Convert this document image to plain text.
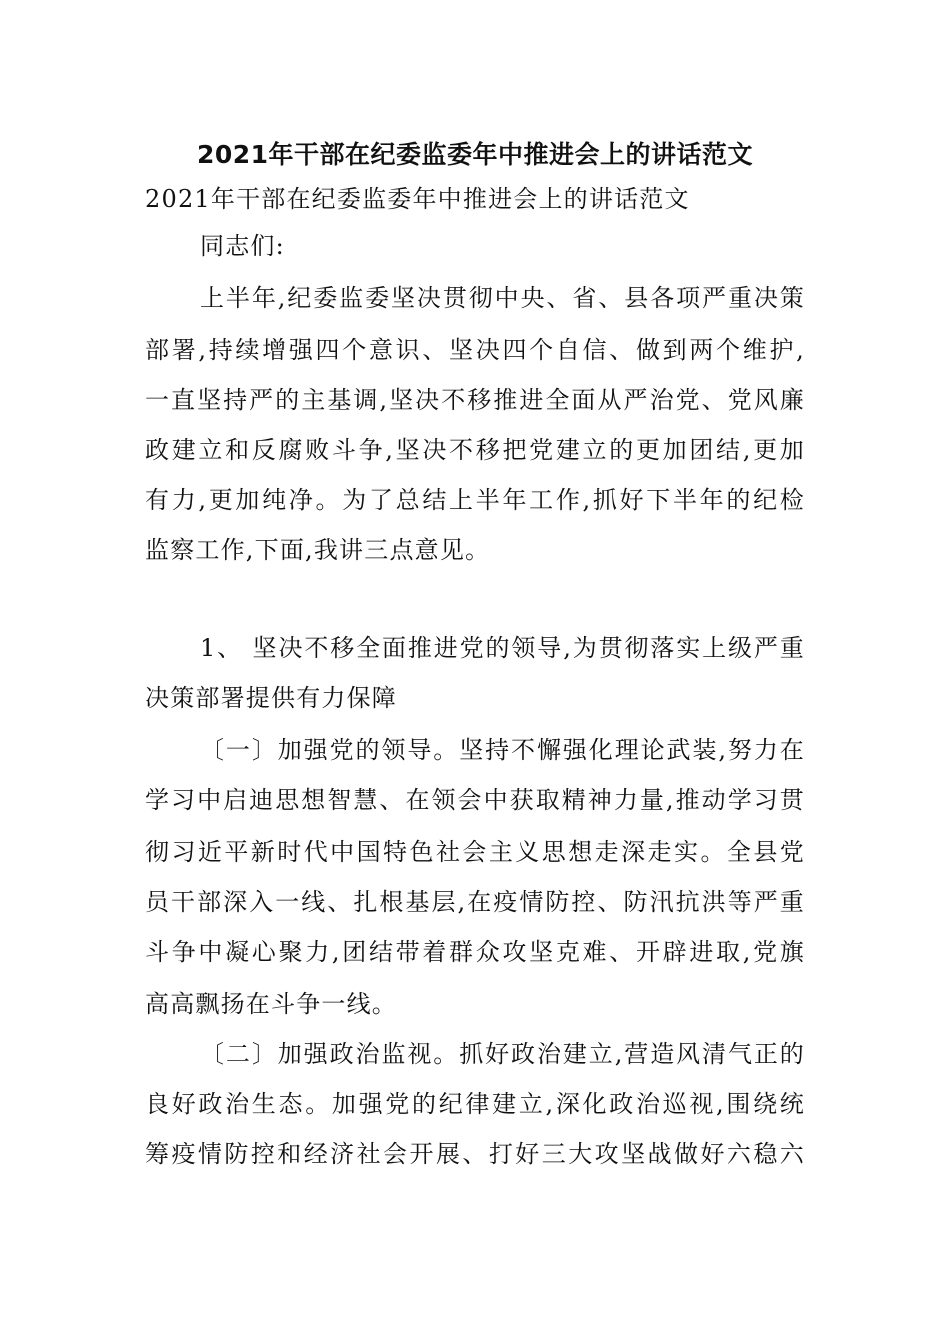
2021年干部在纪委监委年中推进会上的讲话范文
2021年干部在纪委监委年中推进会上的讲话范文
同志们:
上半年,纪委监委坚决贯彻中央、省、县各项严重决策
部署,持续增强四个意识、坚决四个自信、做到两个维护,
一直坚持严的主基调,坚决不移推进全面从严治党、党风廉
政建立和反腐败斗争,坚决不移把党建立的更加团结,更加
有力,更加纯净。为了总结上半年工作,抓好下半年的纪检
监察工作,下面,我讲三点意见。
1、 坚决不移全面推进党的领导,为贯彻落实上级严重
决策部署提供有力保障
〔一〕加强党的领导。坚持不懈强化理论武装,努力在
学习中启迪思想智慧、在领会中获取精神力量,推动学习贯
彻习近平新时代中国特色社会主义思想走深走实。全县党
员干部深入一线、扎根基层,在疫情防控、防汛抗洪等严重
斗争中凝心聚力,团结带着群众攻坚克难、开辟进取,党旗
高高飘扬在斗争一线。
〔二〕加强政治监视。抓好政治建立,营造风清气正的
良好政治生态。加强党的纪律建立,深化政治巡视,围绕统
筹疫情防控和经济社会开展、打好三大攻坚战做好六稳六
